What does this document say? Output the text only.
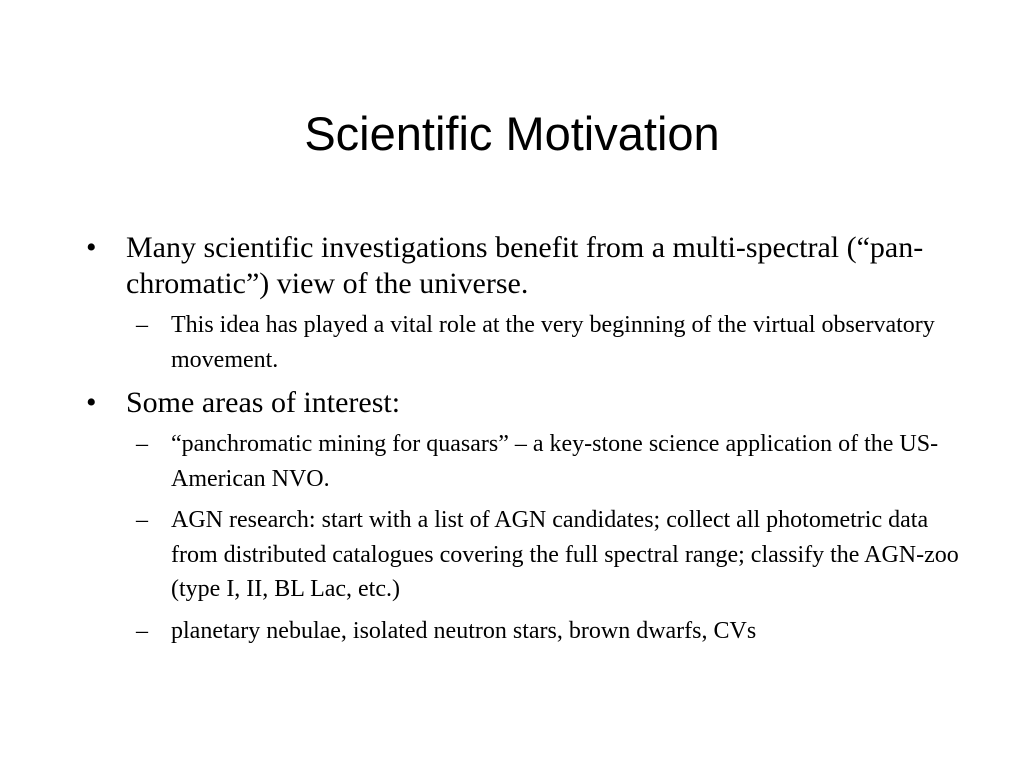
Scientific Motivation
• Many scientific investigations benefit from a multi-spectral (“pan-chromatic”) view of the universe.
– This idea has played a vital role at the very beginning of the virtual observatory movement.
• Some areas of interest:
– “panchromatic mining for quasars” – a key-stone science application of the US-American NVO.
– AGN research: start with a list of AGN candidates; collect all photometric data from distributed catalogues covering the full spectral range; classify the AGN-zoo (type I, II, BL Lac, etc.)
– planetary nebulae, isolated neutron stars, brown dwarfs, CVs
